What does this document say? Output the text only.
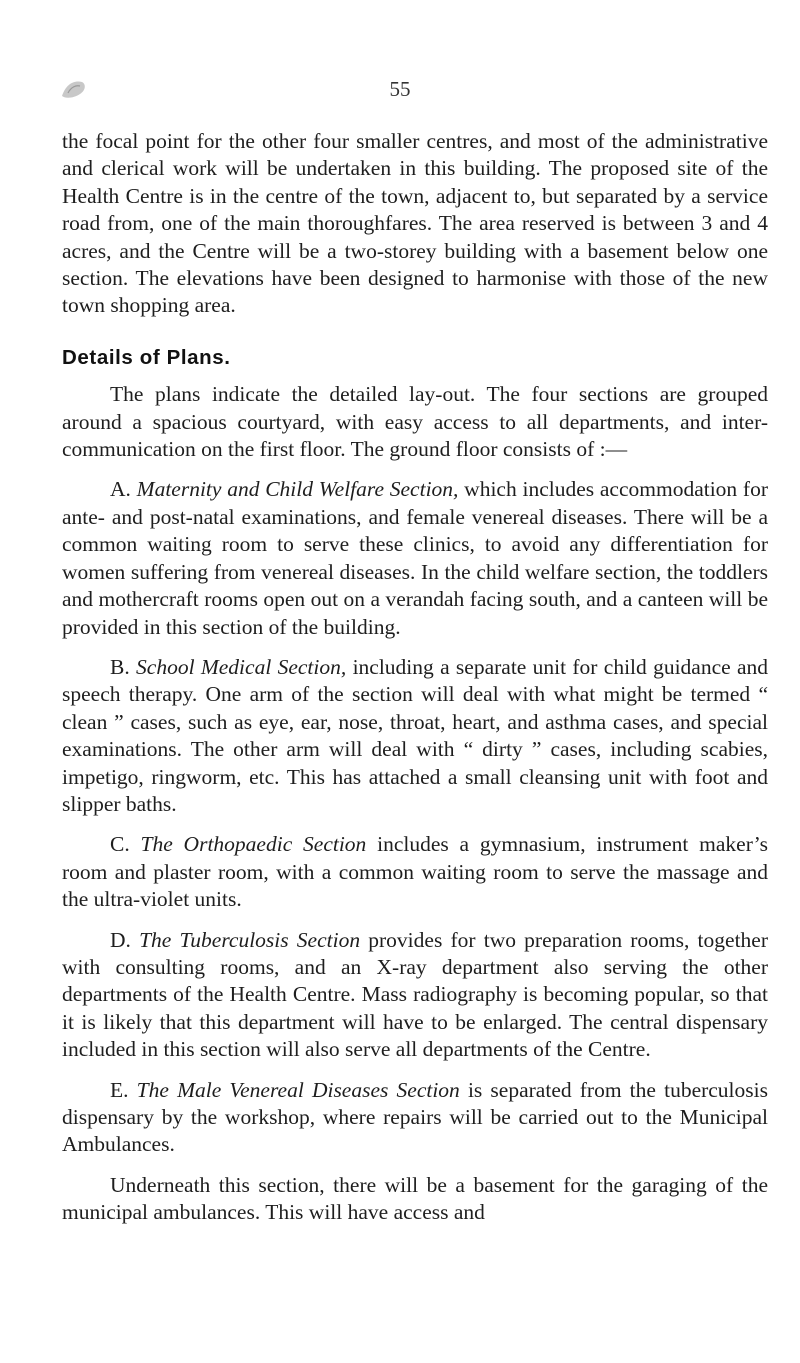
55

the focal point for the other four smaller centres, and most of the administrative and clerical work will be undertaken in this building. The proposed site of the Health Centre is in the centre of the town, adjacent to, but separated by a service road from, one of the main thoroughfares. The area reserved is between 3 and 4 acres, and the Centre will be a two-storey building with a basement below one section. The elevations have been designed to harmonise with those of the new town shopping area.

Details of Plans.

The plans indicate the detailed lay-out. The four sections are grouped around a spacious courtyard, with easy access to all departments, and inter-communication on the first floor. The ground floor consists of :—

A. Maternity and Child Welfare Section, which includes accommodation for ante- and post-natal examinations, and female venereal diseases. There will be a common waiting room to serve these clinics, to avoid any differentiation for women suffering from venereal diseases. In the child welfare section, the toddlers and mothercraft rooms open out on a verandah facing south, and a canteen will be provided in this section of the building.

B. School Medical Section, including a separate unit for child guidance and speech therapy. One arm of the section will deal with what might be termed “ clean ” cases, such as eye, ear, nose, throat, heart, and asthma cases, and special examinations. The other arm will deal with “ dirty ” cases, including scabies, impetigo, ringworm, etc. This has attached a small cleansing unit with foot and slipper baths.

C. The Orthopaedic Section includes a gymnasium, instrument maker’s room and plaster room, with a common waiting room to serve the massage and the ultra-violet units.

D. The Tuberculosis Section provides for two preparation rooms, together with consulting rooms, and an X-ray department also serving the other departments of the Health Centre. Mass radiography is becoming popular, so that it is likely that this department will have to be enlarged. The central dispensary included in this section will also serve all departments of the Centre.

E. The Male Venereal Diseases Section is separated from the tuberculosis dispensary by the workshop, where repairs will be carried out to the Municipal Ambulances.

Underneath this section, there will be a basement for the garaging of the municipal ambulances. This will have access and
